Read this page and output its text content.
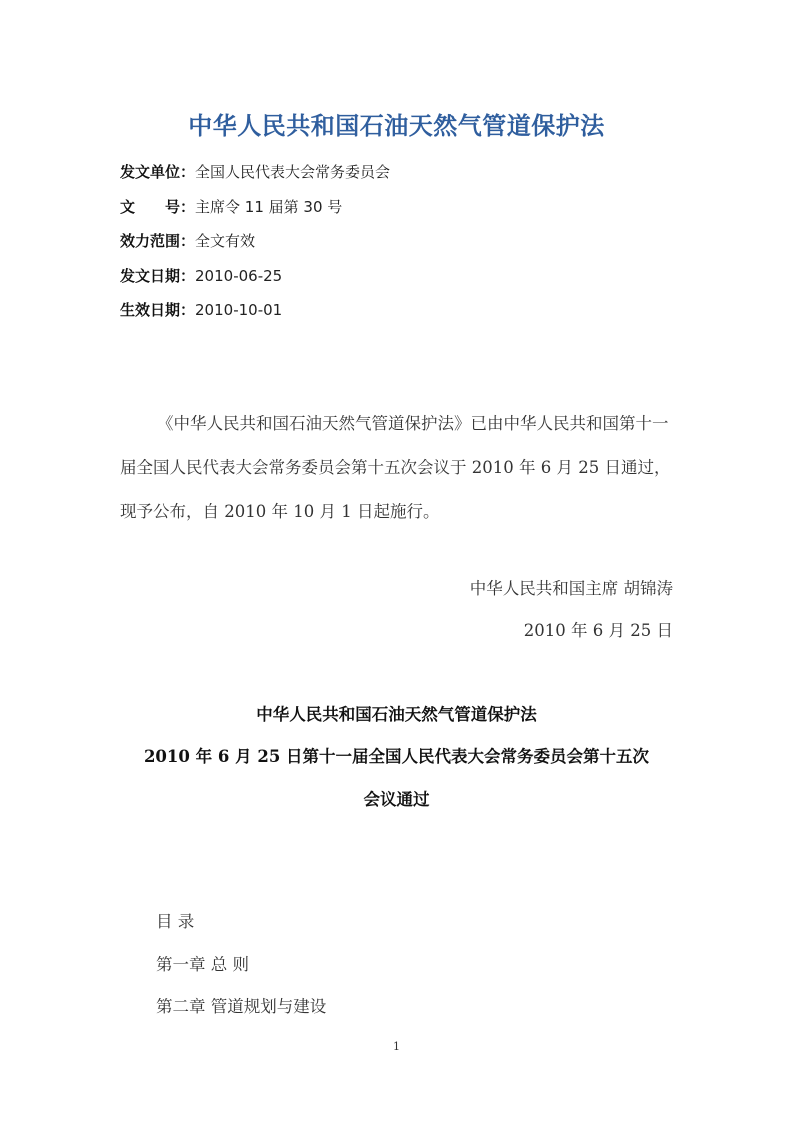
中华人民共和国石油天然气管道保护法
发文单位：全国人民代表大会常务委员会
文　　号：主席令 11 届第 30 号
效力范围：全文有效
发文日期：2010-06-25
生效日期：2010-10-01
《中华人民共和国石油天然气管道保护法》已由中华人民共和国第十一届全国人民代表大会常务委员会第十五次会议于 2010 年 6 月 25 日通过，现予公布，自 2010 年 10 月 1 日起施行。
中华人民共和国主席 胡锦涛
2010 年 6 月 25 日
中华人民共和国石油天然气管道保护法
2010 年 6 月 25 日第十一届全国人民代表大会常务委员会第十五次
会议通过
目 录
第一章 总 则
第二章 管道规划与建设
1
